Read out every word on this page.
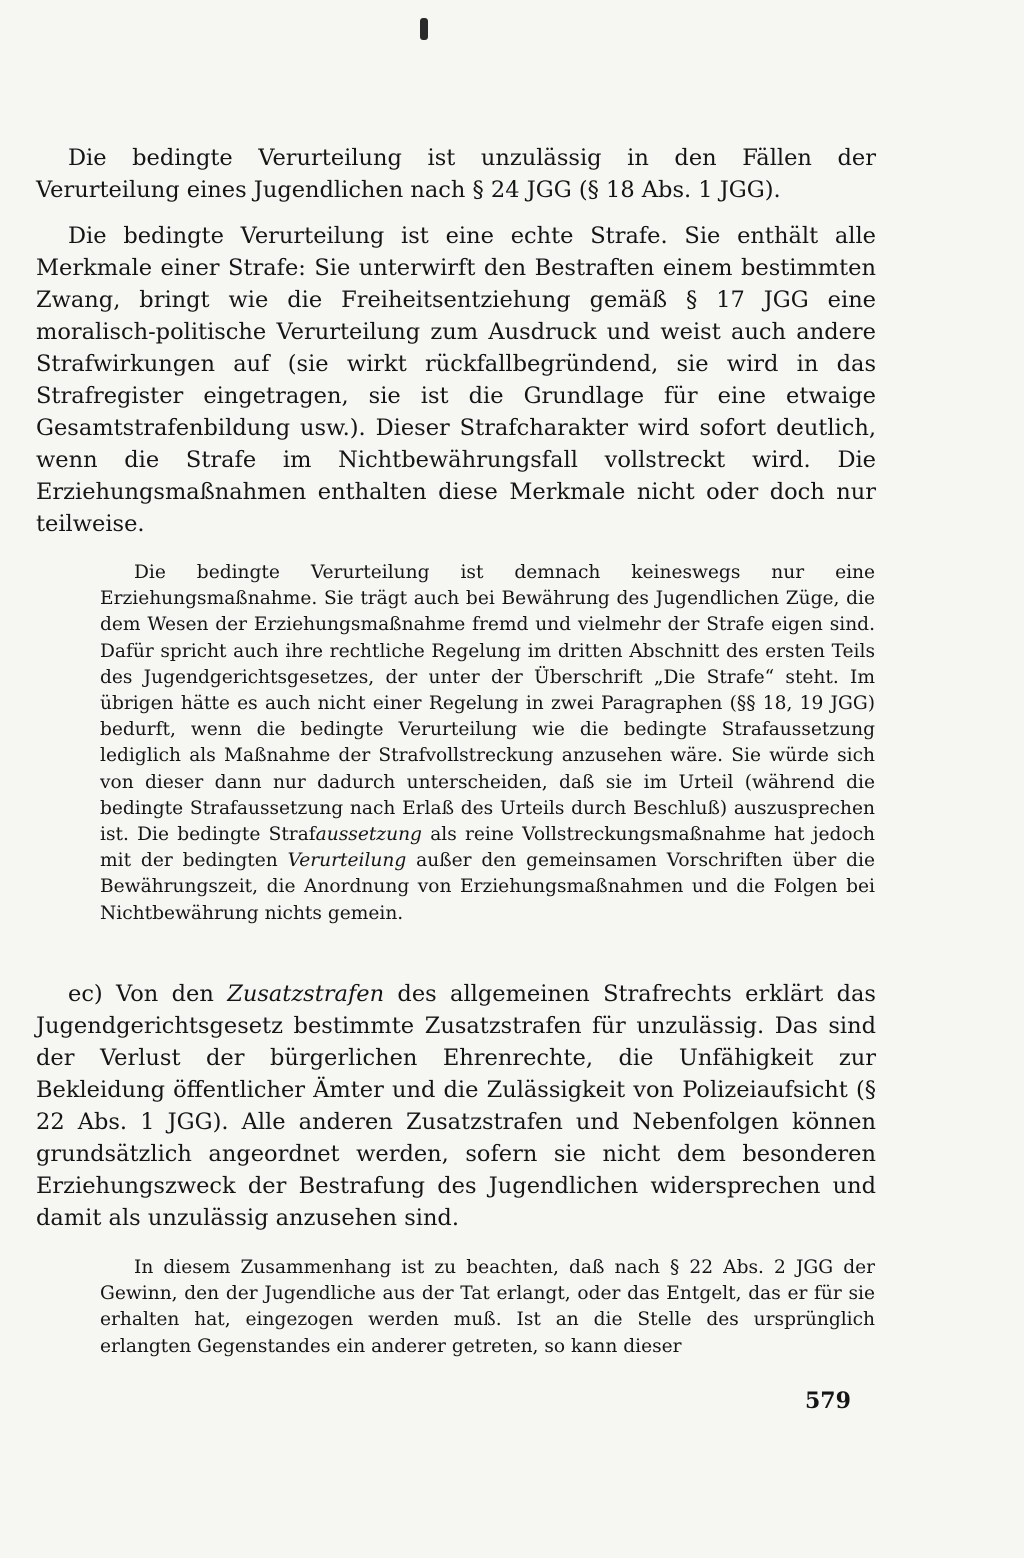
Die bedingte Verurteilung ist unzulässig in den Fällen der Verurteilung eines Jugendlichen nach § 24 JGG (§ 18 Abs. 1 JGG).

Die bedingte Verurteilung ist eine echte Strafe. Sie enthält alle Merkmale einer Strafe: Sie unterwirft den Bestraften einem bestimmten Zwang, bringt wie die Freiheitsentziehung gemäß § 17 JGG eine moralisch-politische Verurteilung zum Ausdruck und weist auch andere Strafwirkungen auf (sie wirkt rückfallbegründend, sie wird in das Strafregister eingetragen, sie ist die Grundlage für eine etwaige Gesamtstrafenbildung usw.). Dieser Strafcharakter wird sofort deutlich, wenn die Strafe im Nichtbewährungsfall vollstreckt wird. Die Erziehungsmaßnahmen enthalten diese Merkmale nicht oder doch nur teilweise.

Die bedingte Verurteilung ist demnach keineswegs nur eine Erziehungsmaßnahme. Sie trägt auch bei Bewährung des Jugendlichen Züge, die dem Wesen der Erziehungsmaßnahme fremd und vielmehr der Strafe eigen sind. Dafür spricht auch ihre rechtliche Regelung im dritten Abschnitt des ersten Teils des Jugendgerichtsgesetzes, der unter der Überschrift „Die Strafe“ steht. Im übrigen hätte es auch nicht einer Regelung in zwei Paragraphen (§§ 18, 19 JGG) bedurft, wenn die bedingte Verurteilung wie die bedingte Strafaussetzung lediglich als Maßnahme der Strafvollstreckung anzusehen wäre. Sie würde sich von dieser dann nur dadurch unterscheiden, daß sie im Urteil (während die bedingte Strafaussetzung nach Erlaß des Urteils durch Beschluß) auszusprechen ist. Die bedingte Strafaussetzung als reine Vollstreckungsmaßnahme hat jedoch mit der bedingten Verurteilung außer den gemeinsamen Vorschriften über die Bewährungszeit, die Anordnung von Erziehungsmaßnahmen und die Folgen bei Nichtbewährung nichts gemein.

ec) Von den Zusatzstrafen des allgemeinen Strafrechts erklärt das Jugendgerichtsgesetz bestimmte Zusatzstrafen für unzulässig. Das sind der Verlust der bürgerlichen Ehrenrechte, die Unfähigkeit zur Bekleidung öffentlicher Ämter und die Zulässigkeit von Polizeiaufsicht (§ 22 Abs. 1 JGG). Alle anderen Zusatzstrafen und Nebenfolgen können grundsätzlich angeordnet werden, sofern sie nicht dem besonderen Erziehungszweck der Bestrafung des Jugendlichen widersprechen und damit als unzulässig anzusehen sind.

In diesem Zusammenhang ist zu beachten, daß nach § 22 Abs. 2 JGG der Gewinn, den der Jugendliche aus der Tat erlangt, oder das Entgelt, das er für sie erhalten hat, eingezogen werden muß. Ist an die Stelle des ursprünglich erlangten Gegenstandes ein anderer getreten, so kann dieser

579
